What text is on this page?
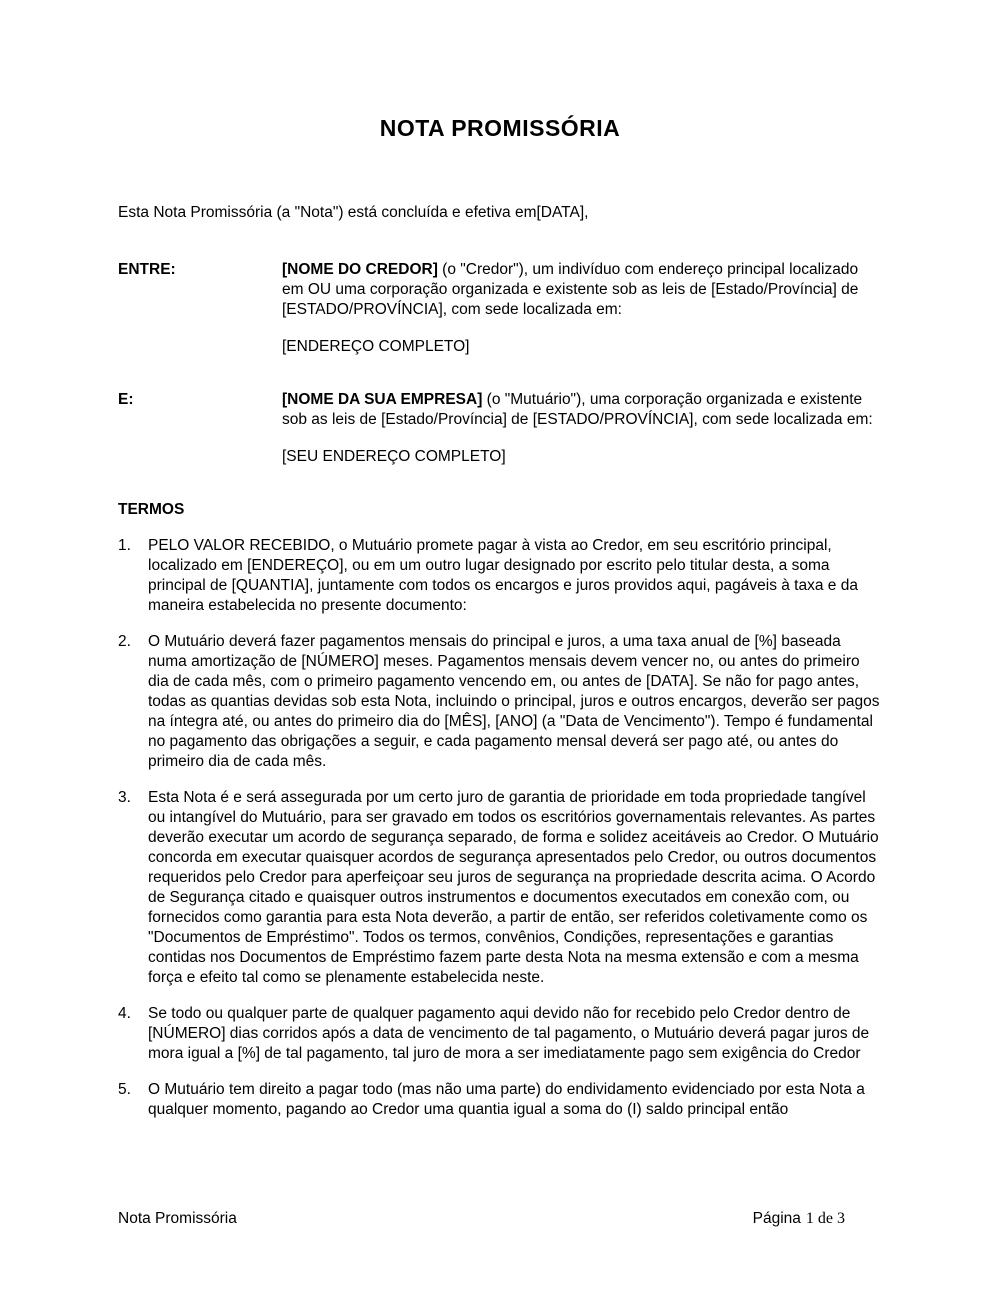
NOTA PROMISSÓRIA

Esta Nota Promissória (a "Nota") está concluída e efetiva em[DATA],

ENTRE:	[NOME DO CREDOR] (o "Credor"), um indivíduo com endereço principal localizado em OU uma corporação organizada e existente sob as leis de [Estado/Província] de [ESTADO/PROVÍNCIA], com sede localizada em:

[ENDEREÇO COMPLETO]

E:	[NOME DA SUA EMPRESA] (o "Mutuário"), uma corporação organizada e existente sob as leis de [Estado/Província] de [ESTADO/PROVÍNCIA], com sede localizada em:

[SEU ENDEREÇO COMPLETO]

TERMOS
1.	PELO VALOR RECEBIDO, o Mutuário promete pagar à vista ao Credor, em seu escritório principal, localizado em [ENDEREÇO], ou em um outro lugar designado por escrito pelo titular desta, a soma principal de [QUANTIA], juntamente com todos os encargos e juros providos aqui, pagáveis à taxa e da maneira estabelecida no presente documento:
2.	O Mutuário deverá fazer pagamentos mensais do principal e juros, a uma taxa anual de [%] baseada numa amortização de [NÚMERO] meses. Pagamentos mensais devem vencer no, ou antes do primeiro dia de cada mês, com o primeiro pagamento vencendo em, ou antes de [DATA]. Se não for pago antes, todas as quantias devidas sob esta Nota, incluindo o principal, juros e outros encargos, deverão ser pagos na íntegra até, ou antes do primeiro dia do [MÊS], [ANO] (a "Data de Vencimento"). Tempo é fundamental no pagamento das obrigações a seguir, e cada pagamento mensal deverá ser pago até, ou antes do primeiro dia de cada mês.
3.	Esta Nota é e será assegurada por um certo juro de garantia de prioridade em toda propriedade tangível ou intangível do Mutuário, para ser gravado em todos os escritórios governamentais relevantes. As partes deverão executar um acordo de segurança separado, de forma e solidez aceitáveis ao Credor. O Mutuário concorda em executar quaisquer acordos de segurança apresentados pelo Credor, ou outros documentos requeridos pelo Credor para aperfeiçoar seu juros de segurança na propriedade descrita acima. O Acordo de Segurança citado e quaisquer outros instrumentos e documentos executados em conexão com, ou fornecidos como garantia para esta Nota deverão, a partir de então, ser referidos coletivamente como os "Documentos de Empréstimo". Todos os termos, convênios, Condições, representações e garantias contidas nos Documentos de Empréstimo fazem parte desta Nota na mesma extensão e com a mesma força e efeito tal como se plenamente estabelecida neste.
4.	Se todo ou qualquer parte de qualquer pagamento aqui devido não for recebido pelo Credor dentro de [NÚMERO] dias corridos após a data de vencimento de tal pagamento, o Mutuário deverá pagar juros de mora igual a [%] de tal pagamento, tal juro de mora a ser imediatamente pago sem exigência do Credor
5.	O Mutuário tem direito a pagar todo (mas não uma parte) do endividamento evidenciado por esta Nota a qualquer momento, pagando ao Credor uma quantia igual a soma do (I) saldo principal então
Nota Promissória	Página 1 de 3
